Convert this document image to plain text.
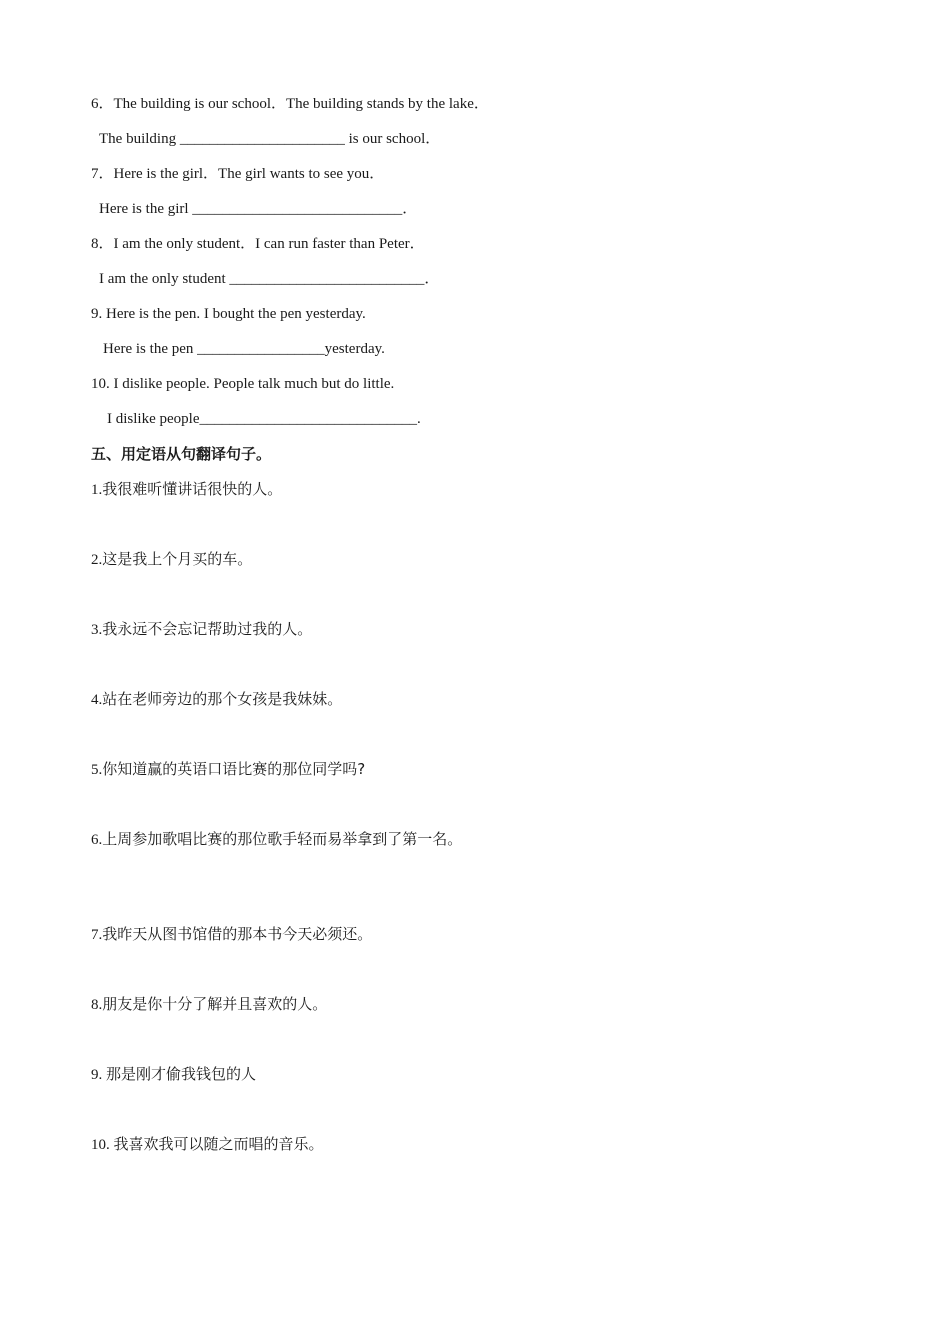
6．The building is our school．The building stands by the lake．
The building ______________________ is our school．
7．Here is the girl．The girl wants to see you．
Here is the girl ____________________________．
8．I am the only student．I can run faster than Peter．
I am the only student __________________________．
9. Here is the pen. I bought the pen yesterday.
Here is the pen _________________yesterday.
10. I dislike people. People talk much but do little.
I dislike people_____________________________.
五、用定语从句翻译句子。
1.我很难听懂讲话很快的人。
2.这是我上个月买的车。
3.我永远不会忘记帮助过我的人。
4.站在老师旁边的那个女孩是我妹妹。
5.你知道赢的英语口语比赛的那位同学吗?
6.上周参加歌唱比赛的那位歌手轻而易举拿到了第一名。
7.我昨天从图书馆借的那本书今天必须还。
8.朋友是你十分了解并且喜欢的人。
9. 那是刚才偷我钱包的人
10. 我喜欢我可以随之而唱的音乐。
